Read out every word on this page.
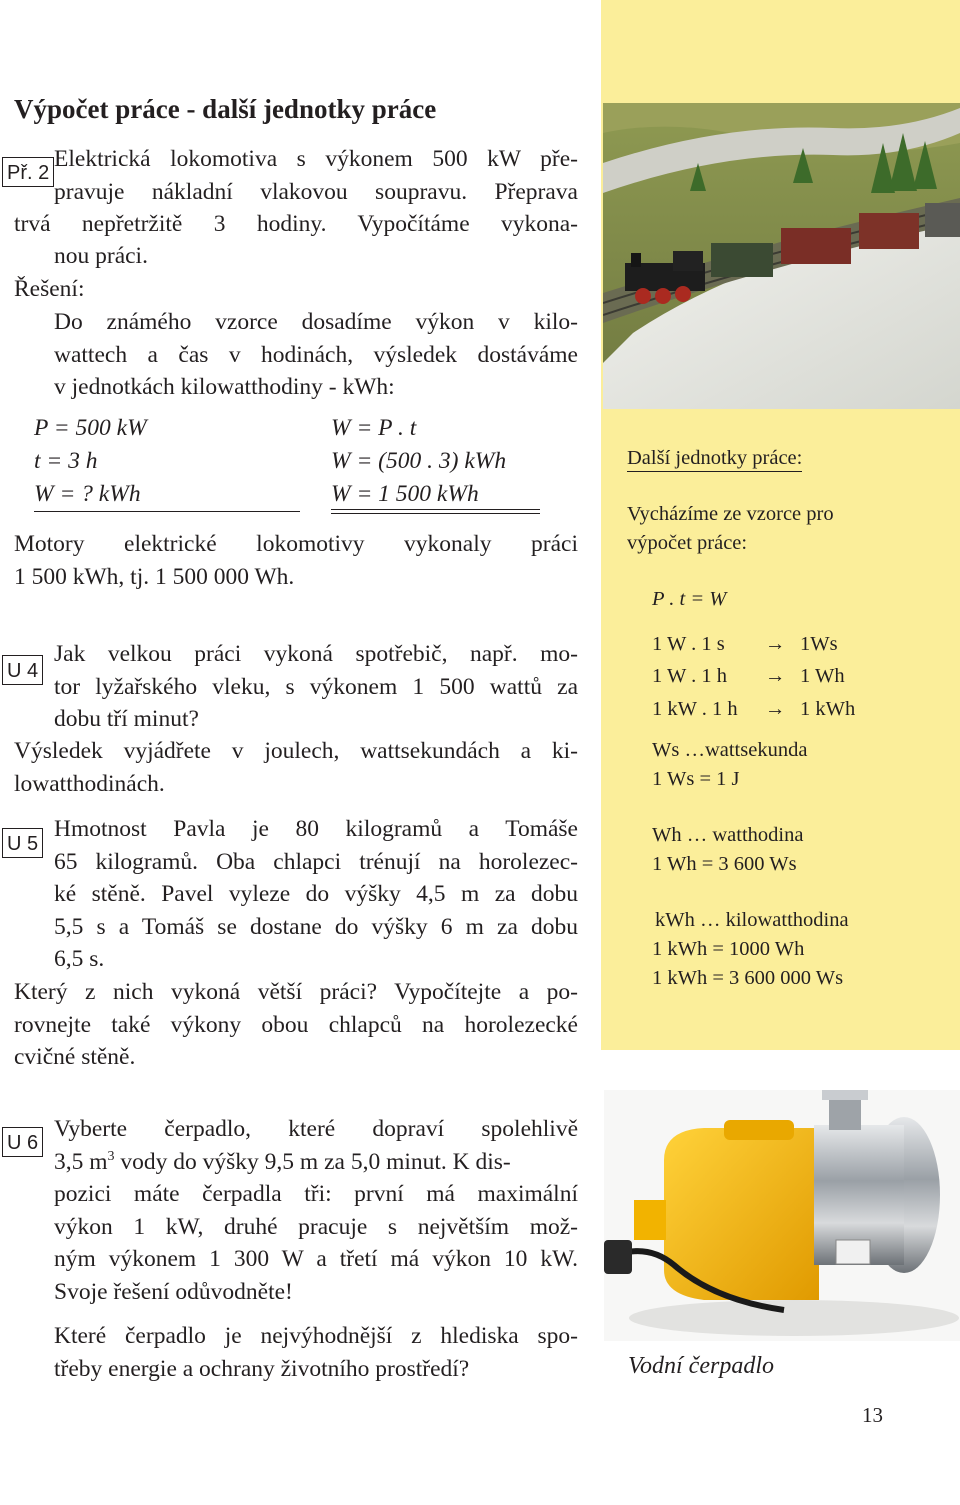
Výpočet práce - další jednotky práce
Př. 2
Elektrická lokomotiva s výkonem 500 kW pře-
pravuje nákladní vlakovou soupravu. Přeprava
trvá nepřetržitě 3 hodiny. Vypočítáme vykona-
nou práci.
Řešení:
Do známého vzorce dosadíme výkon v kilo-
wattech a čas v hodinách, výsledek dostáváme
v jednotkách kilowatthodiny - kWh:
P = 500 kW
t = 3 h
W = ? kWh
W = P . t
W = (500 . 3) kWh
W = 1 500 kWh
Motory elektrické lokomotivy vykonaly práci
1 500 kWh, tj. 1 500 000 Wh.
U 4
Jak velkou práci vykoná spotřebič, např. mo-
tor lyžařského vleku, s výkonem 1 500 wattů za
dobu tří minut?
Výsledek vyjádřete v joulech, wattsekundách a ki-
lowatthodinách.
U 5
Hmotnost Pavla je 80 kilogramů a Tomáše
65 kilogramů. Oba chlapci trénují na horolezec-
ké stěně. Pavel vyleze do výšky 4,5 m za dobu
5,5 s a Tomáš se dostane do výšky 6 m za dobu
6,5 s.
Který z nich vykoná větší práci? Vypočítejte a po-
rovnejte také výkony obou chlapců na horolezecké
cvičné stěně.
U 6
Vyberte čerpadlo, které dopraví spolehlivě
3,5 $m^3$ vody do výšky 9,5 m za 5,0 minut. K dis-
pozici máte čerpadla tři: první má maximální
výkon 1 kW, druhé pracuje s největším mož-
ným výkonem 1 300 W a třetí má výkon 10 kW.
Svoje řešení odůvodněte!
Které čerpadlo je nejvýhodnější z hlediska spo-
třeby energie a ochrany životního prostředí?
Další jednotky práce:
Vycházíme ze vzorce pro
výpočet práce:
P . t = W
1 W . 1 s → 1Ws
1 W . 1 h → 1 Wh
1 kW . 1 h → 1 kWh
Ws …wattsekunda
1 Ws = 1 J
Wh … watthodina
1 Wh = 3 600 Ws
kWh … kilowatthodina
1 kWh = 1000 Wh
1 kWh = 3 600 000 Ws
Vodní čerpadlo
13
